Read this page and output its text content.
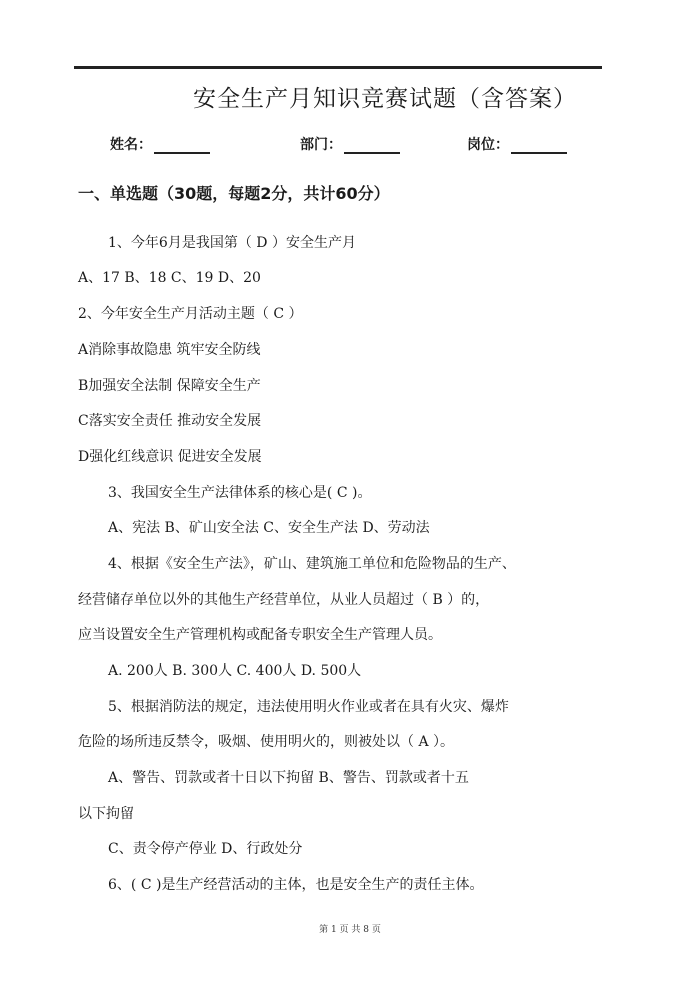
安全生产月知识竞赛试题（含答案）
姓名：	部门：	岗位：
一、单选题（30题，每题2分，共计60分）
1、今年6月是我国第（ D ）安全生产月
A、17 B、18 C、19 D、20
2、今年安全生产月活动主题（ C ）
A消除事故隐患 筑牢安全防线
B加强安全法制 保障安全生产
C落实安全责任 推动安全发展
D强化红线意识 促进安全发展
3、我国安全生产法律体系的核心是( C )。
A、宪法 B、矿山安全法 C、安全生产法 D、劳动法
4、根据《安全生产法》，矿山、建筑施工单位和危险物品的生产、
经营储存单位以外的其他生产经营单位，从业人员超过（ B ）的，
应当设置安全生产管理机构或配备专职安全生产管理人员。
A. 200人 B. 300人 C. 400人 D. 500人
5、根据消防法的规定，违法使用明火作业或者在具有火灾、爆炸
危险的场所违反禁令，吸烟、使用明火的，则被处以（ A ）。
A、警告、罚款或者十日以下拘留 B、警告、罚款或者十五
以下拘留
C、责令停产停业 D、行政处分
6、( C )是生产经营活动的主体，也是安全生产的责任主体。
第 1 页 共 8 页
